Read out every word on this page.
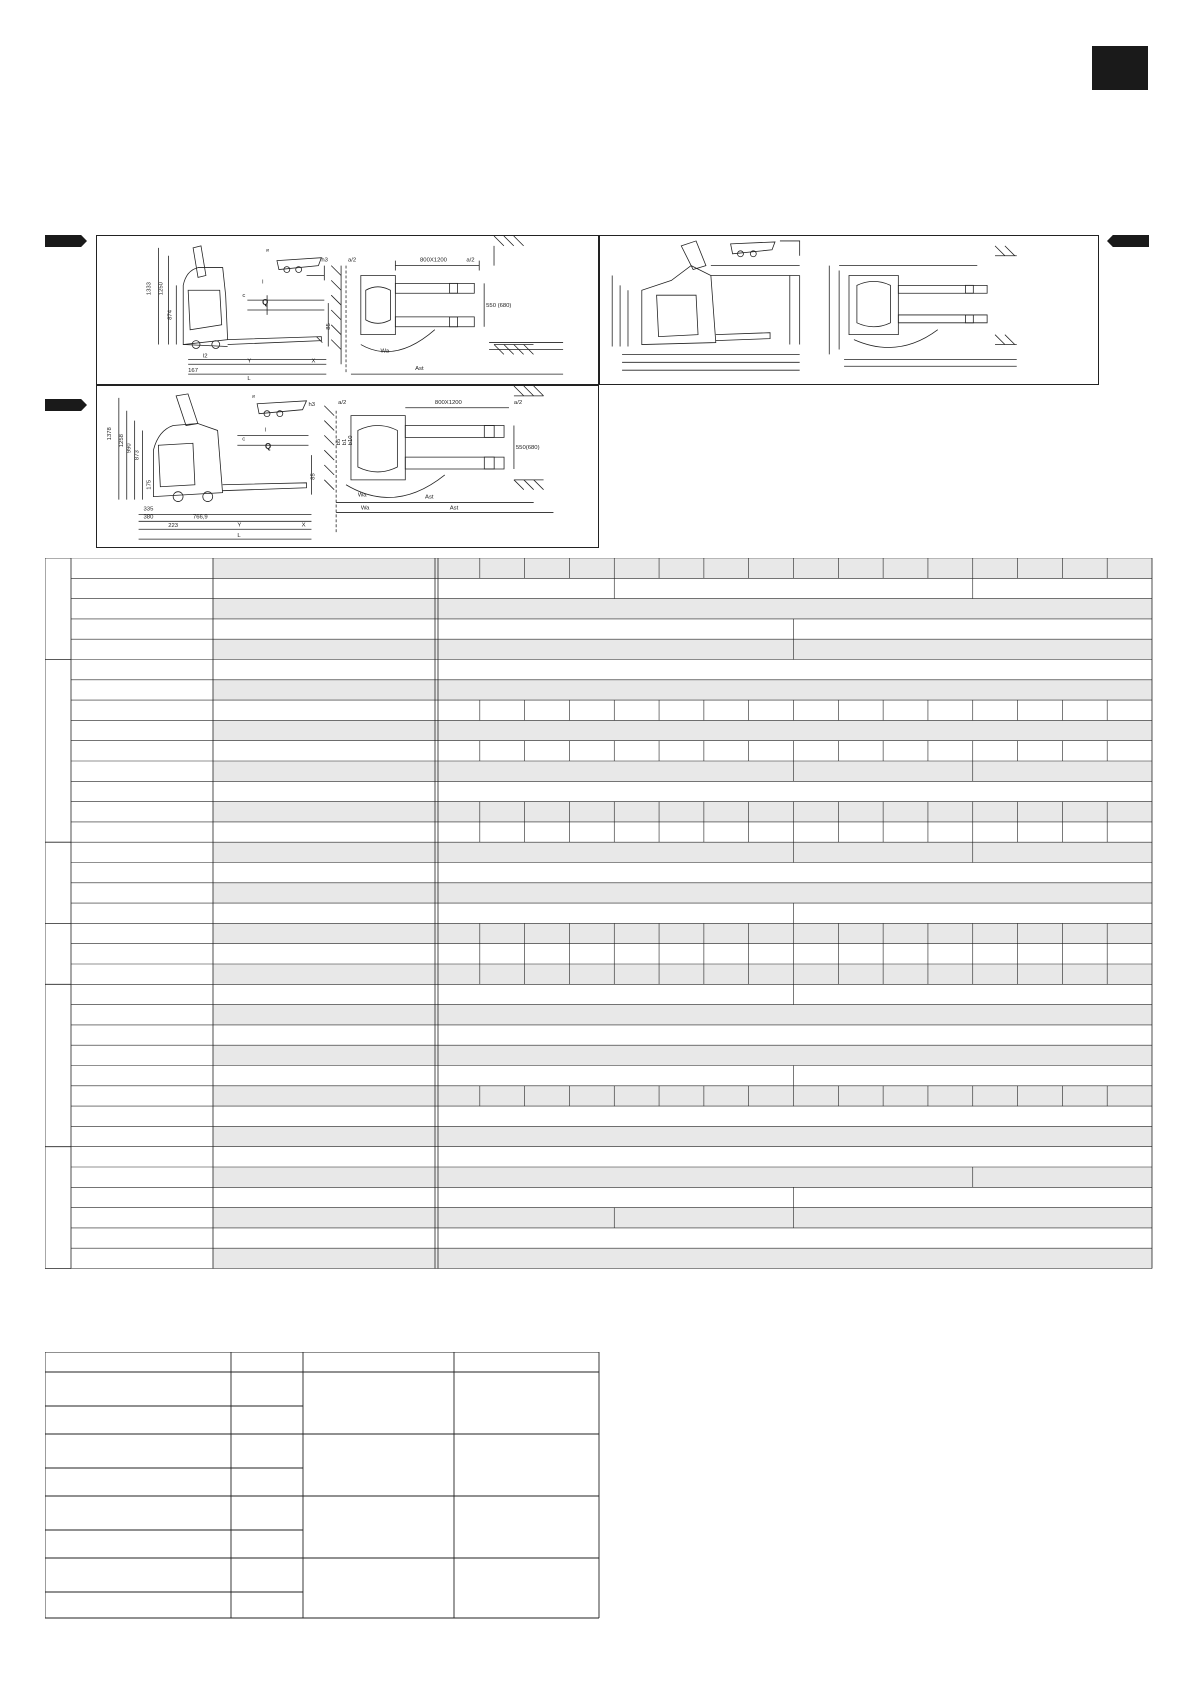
1333 1250
874
c
Q
l
l2
167
Y	X
L
85
h3
s
800X1200
a/2	a/2
550 (680)
Wa
Ast
1378
1258
990
873
175
335
380	766,9
223	Y	X
L
c
Q
l
85
h3
s
800X1200
a/2	a/2
550(680)
Wa	Ast
Wa	Ast
b5 b1 b10
